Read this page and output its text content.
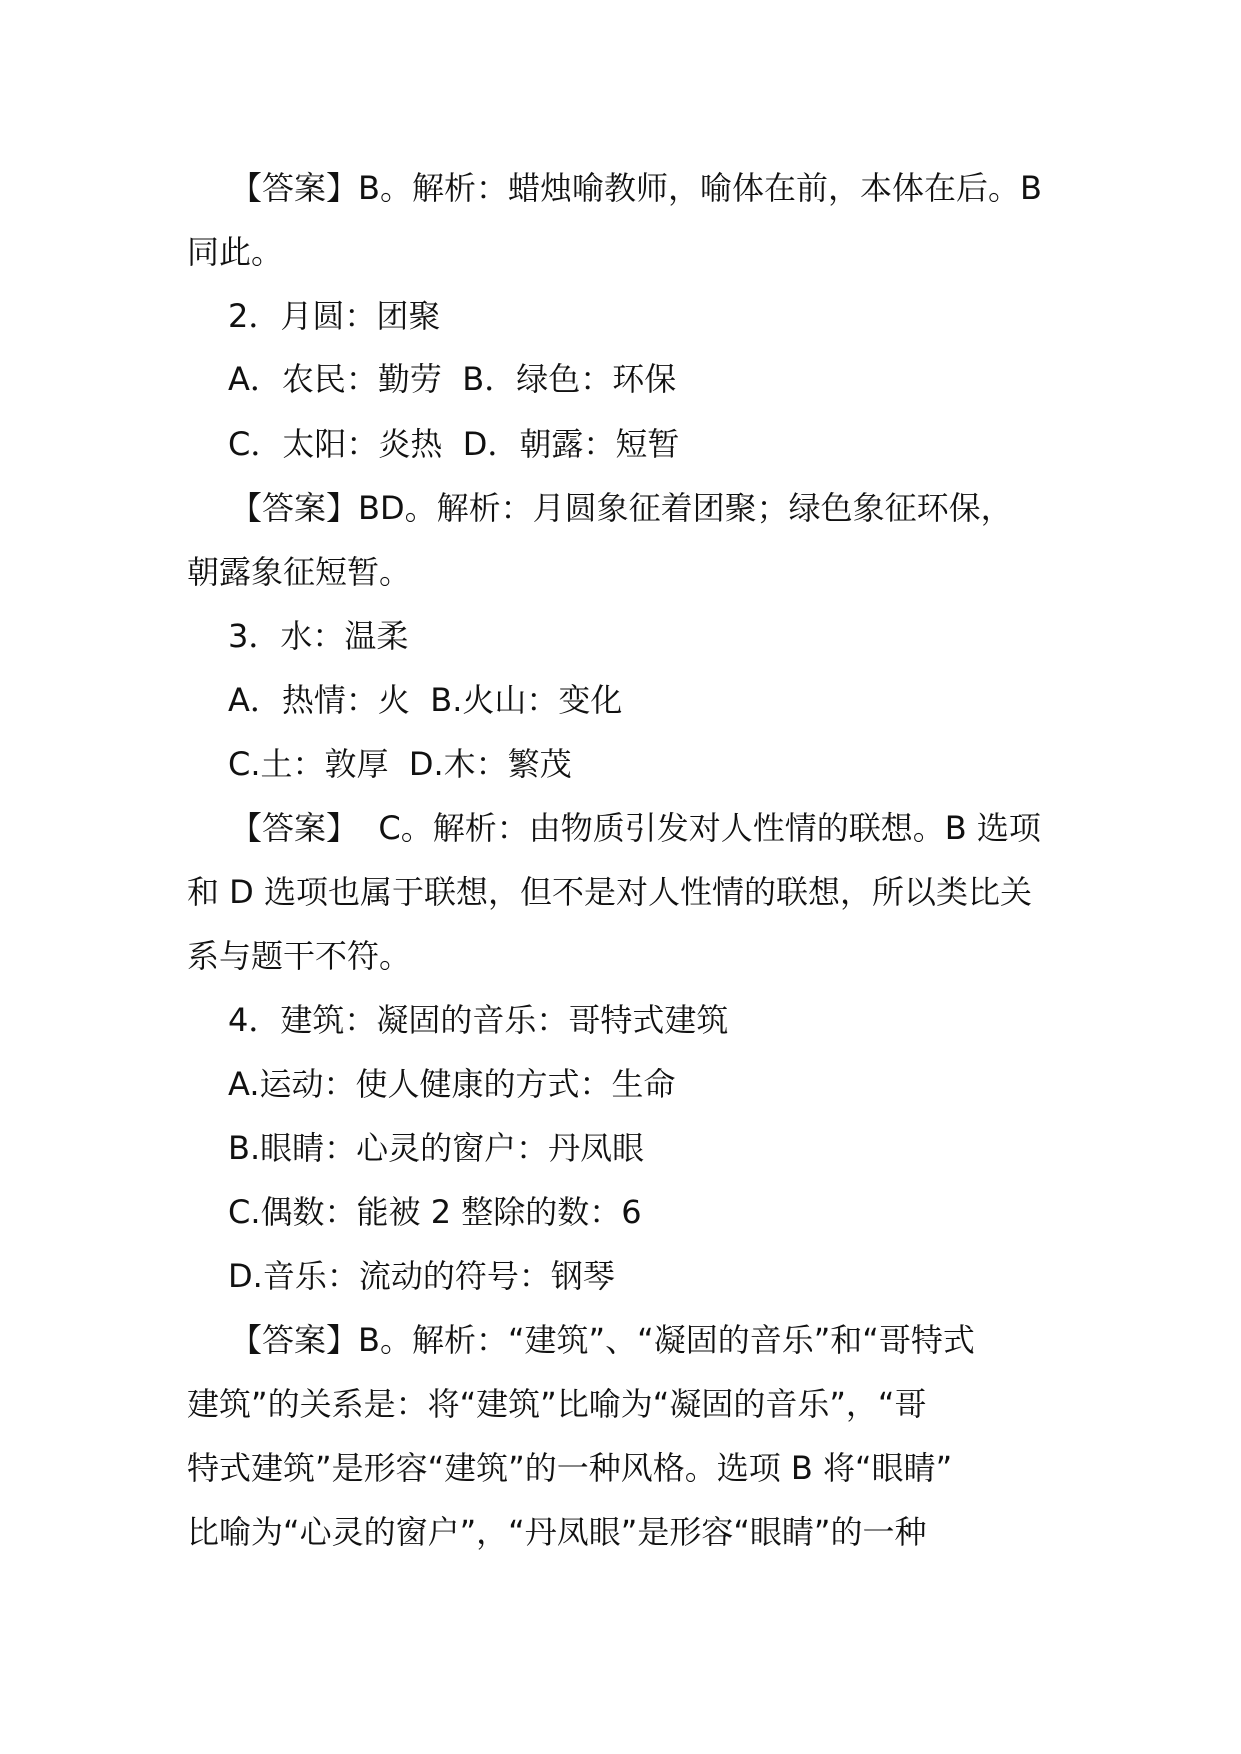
【答案】B。解析：蜡烛喻教师，喻体在前，本体在后。B
同此。
2．月圆：团聚
A．农民：勤劳  B．绿色：环保
C．太阳：炎热  D．朝露：短暂
【答案】BD。解析：月圆象征着团聚；绿色象征环保，
朝露象征短暂。
3．水：温柔
A．热情：火  B.火山：变化
C.土：敦厚  D.木：繁茂
【答案】  C。解析：由物质引发对人性情的联想。B 选项
和 D 选项也属于联想，但不是对人性情的联想，所以类比关
系与题干不符。
4．建筑：凝固的音乐：哥特式建筑
A.运动：使人健康的方式：生命
B.眼睛：心灵的窗户：丹凤眼
C.偶数：能被 2 整除的数：6
D.音乐：流动的符号：钢琴
【答案】B。解析：“建筑”、“凝固的音乐”和“哥特式
建筑”的关系是：将“建筑”比喻为“凝固的音乐”，“哥
特式建筑”是形容“建筑”的一种风格。选项 B 将“眼睛”
比喻为“心灵的窗户”，“丹凤眼”是形容“眼睛”的一种
